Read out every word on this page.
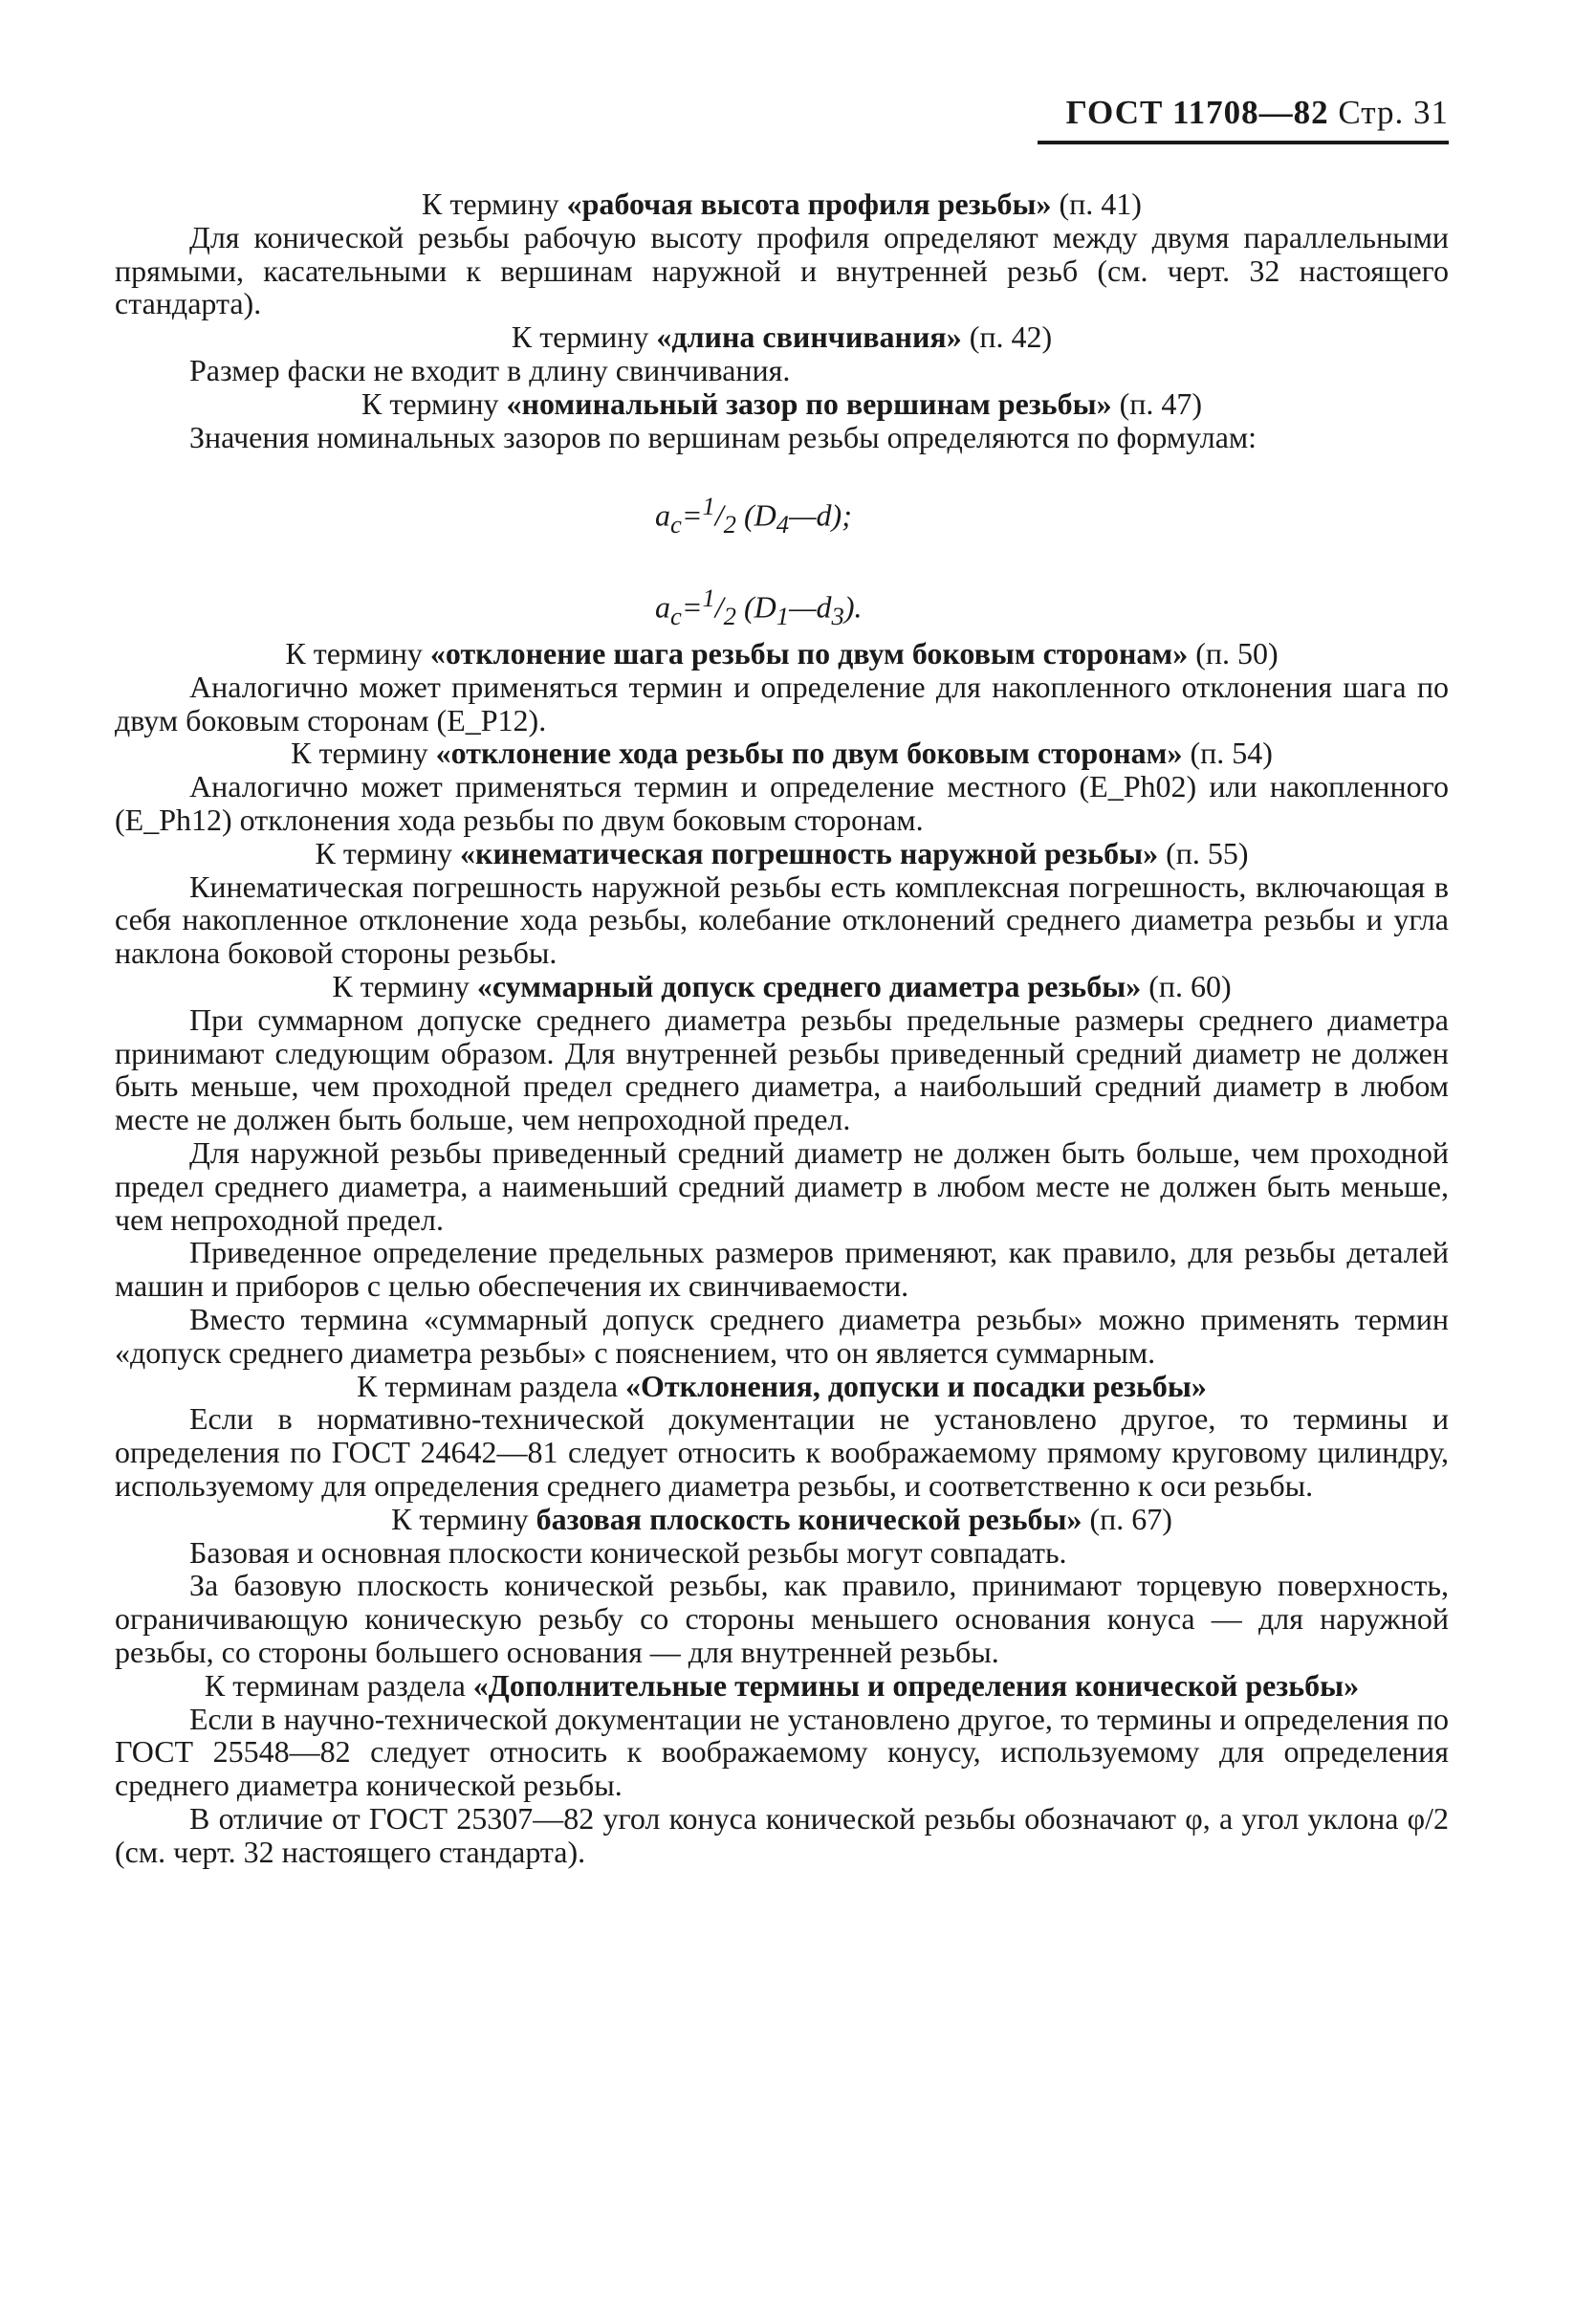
ГОСТ 11708—82 Стр. 31

К термину «рабочая высота профиля резьбы» (п. 41)

Для конической резьбы рабочую высоту профиля определяют между двумя параллельными прямыми, касательными к вершинам наружной и внутренней резьб (см. черт. 32 настоящего стандарта).

К термину «длина свинчивания» (п. 42)

Размер фаски не входит в длину свинчивания.

К термину «номинальный зазор по вершинам резьбы» (п. 47)

Значения номинальных зазоров по вершинам резьбы определяются по формулам:

$a_c=^1/_2$ $(D_4—d)$;

$a_c=^1/_2$ $(D_1—d_3)$.

К термину «отклонение шага резьбы по двум боковым сторонам» (п. 50)

Аналогично может применяться термин и определение для накопленного отклонения шага по двум боковым сторонам (E_P12).

К термину «отклонение хода резьбы по двум боковым сторонам» (п. 54)

Аналогично может применяться термин и определение местного (E_Ph02) или накопленного (E_Ph12) отклонения хода резьбы по двум боковым сторонам.

К термину «кинематическая погрешность наружной резьбы» (п. 55)

Кинематическая погрешность наружной резьбы есть комплексная погрешность, включающая в себя накопленное отклонение хода резьбы, колебание отклонений среднего диаметра резьбы и угла наклона боковой стороны резьбы.

К термину «суммарный допуск среднего диаметра резьбы» (п. 60)

При суммарном допуске среднего диаметра резьбы предельные размеры среднего диаметра принимают следующим образом. Для внутренней резьбы приведенный средний диаметр не должен быть меньше, чем проходной предел среднего диаметра, а наибольший средний диаметр в любом месте не должен быть больше, чем непроходной предел.

Для наружной резьбы приведенный средний диаметр не должен быть больше, чем проходной предел среднего диаметра, а наименьший средний диаметр в любом месте не должен быть меньше, чем непроходной предел.

Приведенное определение предельных размеров применяют, как правило, для резьбы деталей машин и приборов с целью обеспечения их свинчиваемости.

Вместо термина «суммарный допуск среднего диаметра резьбы» можно применять термин «допуск среднего диаметра резьбы» с пояснением, что он является суммарным.

К терминам раздела «Отклонения, допуски и посадки резьбы»

Если в нормативно-технической документации не установлено другое, то термины и определения по ГОСТ 24642—81 следует относить к воображаемому прямому круговому цилиндру, используемому для определения среднего диаметра резьбы, и соответственно к оси резьбы.

К термину базовая плоскость конической резьбы» (п. 67)

Базовая и основная плоскости конической резьбы могут совпадать.

За базовую плоскость конической резьбы, как правило, принимают торцевую поверхность, ограничивающую коническую резьбу со стороны меньшего основания конуса — для наружной резьбы, со стороны большего основания — для внутренней резьбы.

К терминам раздела «Дополнительные термины и определения конической резьбы»

Если в научно-технической документации не установлено другое, то термины и определения по ГОСТ 25548—82 следует относить к воображаемому конусу, используемому для определения среднего диаметра конической резьбы.

В отличие от ГОСТ 25307—82 угол конуса конической резьбы обозначают φ, а угол уклона φ/2 (см. черт. 32 настоящего стандарта).
